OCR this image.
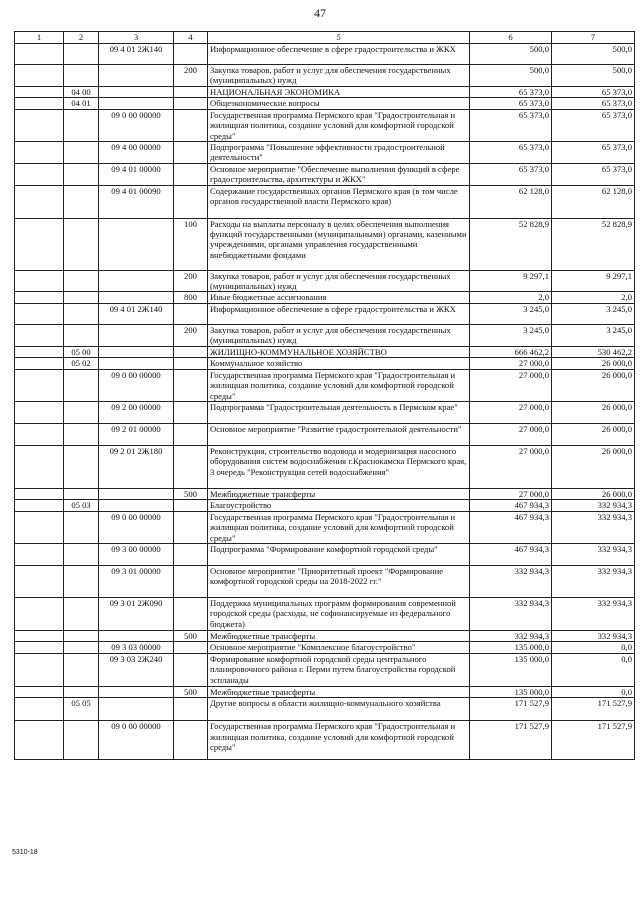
47
1	2	3	4	5	6	7
		09 4 01 2Ж140		Информационное обеспечение в сфере градостроительства и ЖКХ	500,0	500,0
			200	Закупка товаров, работ и услуг для обеспечения государственных (муниципальных) нужд	500,0	500,0
	04 00			НАЦИОНАЛЬНАЯ ЭКОНОМИКА	65 373,0	65 373,0
	04 01			Общеэкономические вопросы	65 373,0	65 373,0
		09 0 00 00000		Государственная программа Пермского края "Градостроительная и жилищная политика, создание условий для комфортной городской среды"	65 373,0	65 373,0
		09 4 00 00000		Подпрограмма "Повышение эффективности градостроительной деятельности"	65 373,0	65 373,0
		09 4 01 00000		Основное мероприятие "Обеспечение выполнения функций в сфере градостроительства, архитектуры и ЖКХ"	65 373,0	65 373,0
		09 4 01 00090		Содержание государственных органов Пермского края (в том числе органов государственной власти Пермского края)	62 128,0	62 128,0
			100	Расходы на выплаты персоналу в целях обеспечения выполнения функций государственными (муниципальными) органами, казенными учреждениями, органами управления государственными внебюджетными фондами	52 828,9	52 828,9
			200	Закупка товаров, работ и услуг для обеспечения государственных (муниципальных) нужд	9 297,1	9 297,1
			800	Иные бюджетные ассигнования	2,0	2,0
		09 4 01 2Ж140		Информационное обеспечение в сфере градостроительства и ЖКХ	3 245,0	3 245,0
			200	Закупка товаров, работ и услуг для обеспечения государственных (муниципальных) нужд	3 245,0	3 245,0
	05 00			ЖИЛИЩНО-КОММУНАЛЬНОЕ ХОЗЯЙСТВО	666 462,2	530 462,2
	05 02			Коммунальное хозяйство	27 000,0	26 000,0
		09 0 00 00000		Государственная программа Пермского края "Градостроительная и жилищная политика, создание условий для комфортной городской среды"	27 000,0	26 000,0
		09 2 00 00000		Подпрограмма "Градостроительная деятельность в Пермском крае"	27 000,0	26 000,0
		09 2 01 00000		Основное мероприятие "Развитие градостроительной деятельности"	27 000,0	26 000,0
		09 2 01 2Ж180		Реконструкция, строительство водовода и модернизация насосного оборудования систем водоснабжения г.Краснокамска Пермского края, 3 очередь "Реконструкция сетей водоснабжения"	27 000,0	26 000,0
			500	Межбюджетные трансферты	27 000,0	26 000,0
	05 03			Благоустройство	467 934,3	332 934,3
		09 0 00 00000		Государственная программа Пермского края "Градостроительная и жилищная политика, создание условий для комфортной городской среды"	467 934,3	332 934,3
		09 3 00 00000		Подпрограмма "Формирование комфортной городской среды"	467 934,3	332 934,3
		09 3 01 00000		Основное мероприятие "Приоритетный проект "Формирование комфортной городской среды на 2018-2022 гг."	332 934,3	332 934,3
		09 3 01 2Ж090		Поддержка муниципальных программ формирования современной городской среды (расходы, не софинансируемые из федерального бюджета)	332 934,3	332 934,3
			500	Межбюджетные трансферты	332 934,3	332 934,3
		09 3 03 00000		Основное мероприятие "Комплексное благоустройство"	135 000,0	0,0
		09 3 03 2Ж240		Формирование комфортной городской среды центрального планировочного района г. Перми путем благоустройства городской эспланады	135 000,0	0,0
			500	Межбюджетные трансферты	135 000,0	0,0
	05 05			Другие вопросы в области жилищно-коммунального хозяйства	171 527,9	171 527,9
		09 0 00 00000		Государственная программа Пермского края "Градостроительная и жилищная политика, создание условий для комфортной городской среды"	171 527,9	171 527,9
5310-18
